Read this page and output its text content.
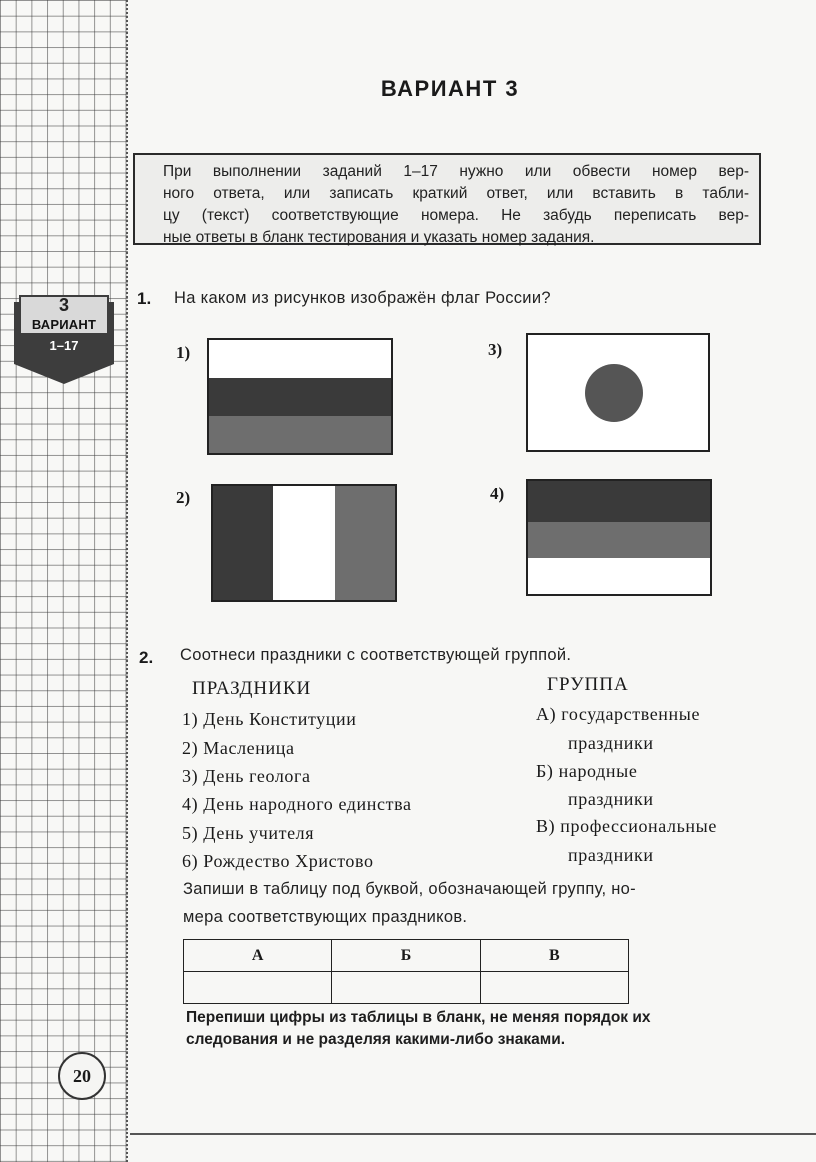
3
ВАРИАНТ
1–17
ВАРИАНТ 3
При выполнении заданий 1–17 нужно или обвести номер вер-
ного ответа, или записать краткий ответ, или вставить в табли-
цу (текст) соответствующие номера. Не забудь переписать вер-
ные ответы в бланк тестирования и указать номер задания.
1. На каком из рисунков изображён флаг России?
1)
2)
3)
4)
2. Соотнеси праздники с соответствующей группой.
ПРАЗДНИКИ	ГРУППА
1) День Конституции
2) Масленица
3) День геолога
4) День народного единства
5) День учителя
6) Рождество Христово
А) государственные
праздники
Б) народные
праздники
В) профессиональные
праздники
Запиши в таблицу под буквой, обозначающей группу, но-
мера соответствующих праздников.
А	Б	В

Перепиши цифры из таблицы в бланк, не меняя порядок их
следования и не разделяя какими-либо знаками.
20
